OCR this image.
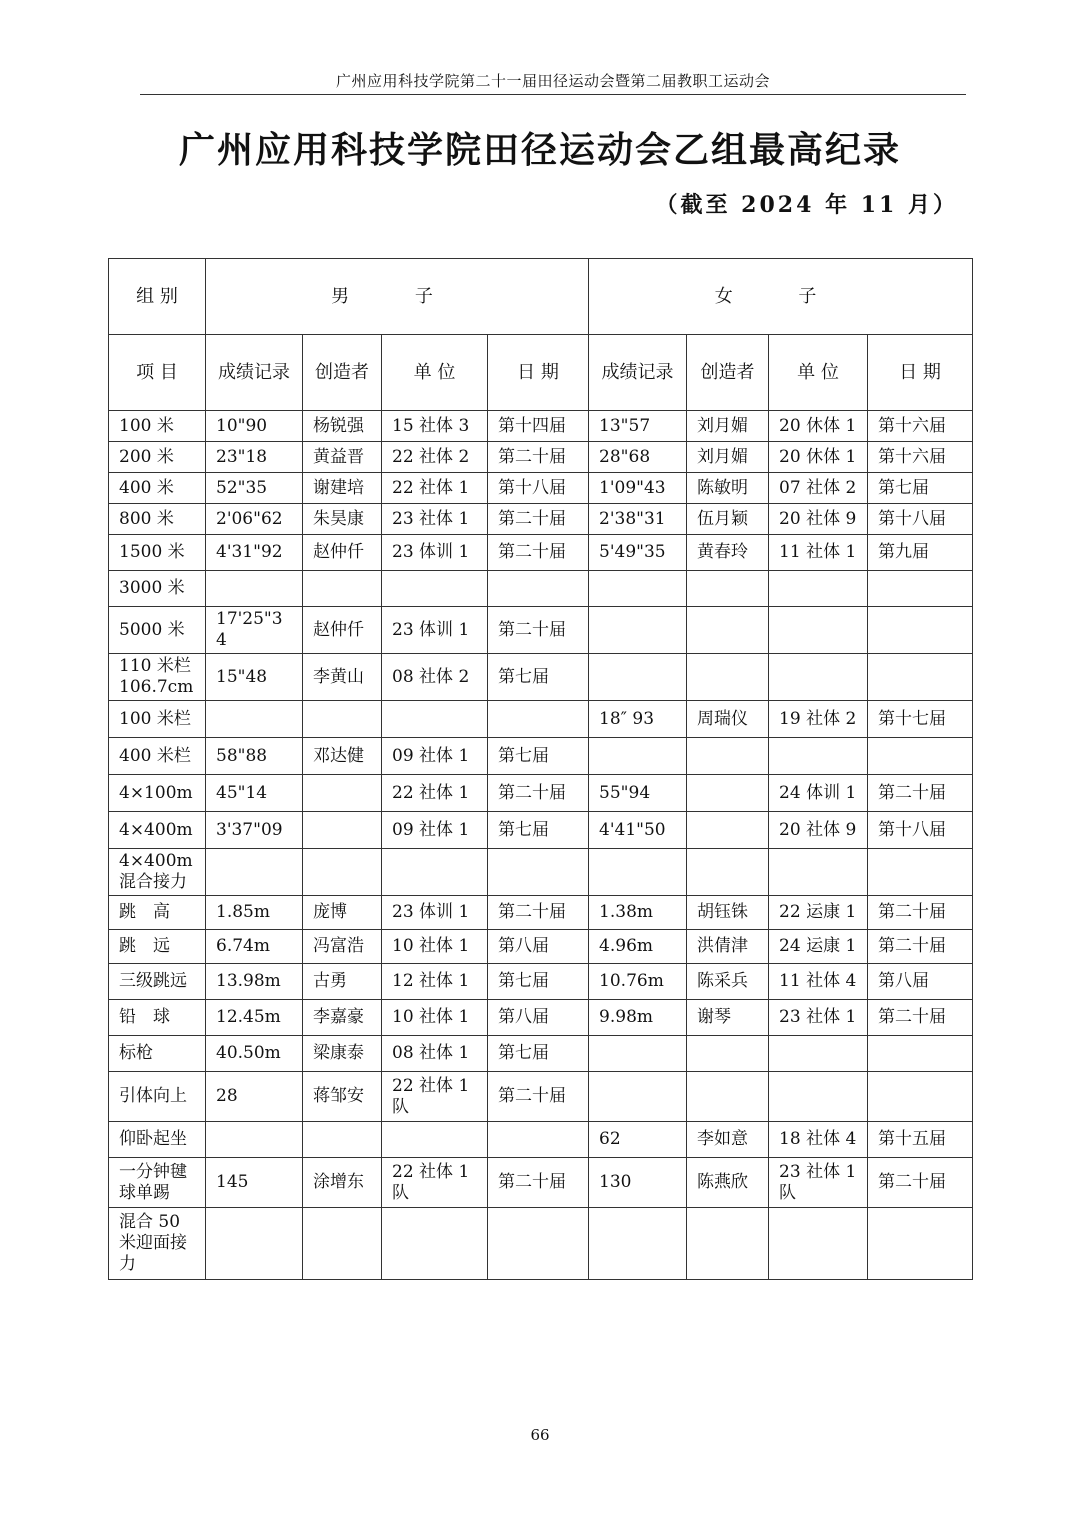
广州应用科技学院第二十一届田径运动会暨第二届教职工运动会
广州应用科技学院田径运动会乙组最高纪录
（截至 2024 年 11 月）
组 别	男 子				女 子			
项 目	成绩记录	创造者	单 位	日 期	成绩记录	创造者	单 位	日 期
100 米	10"90	杨锐强	15 社体 3	第十四届	13"57	刘月媚	20 休体 1	第十六届
200 米	23"18	黄益晋	22 社体 2	第二十届	28"68	刘月媚	20 休体 1	第十六届
400 米	52"35	谢建培	22 社体 1	第十八届	1'09"43	陈敏明	07 社体 2	第七届
800 米	2'06"62	朱昊康	23 社体 1	第二十届	2'38"31	伍月颖	20 社体 9	第十八届
1500 米	4'31"92	赵仲仟	23 体训 1	第二十届	5'49"35	黄春玲	11 社体 1	第九届
3000 米								
5000 米	17'25"34	赵仲仟	23 体训 1	第二十届				
110 米栏 106.7cm	15"48	李黄山	08 社体 2	第七届				
100 米栏					18″ 93	周瑞仪	19 社体 2	第十七届
400 米栏	58"88	邓达健	09 社体 1	第七届				
4×100m	45"14		22 社体 1	第二十届	55"94		24 体训 1	第二十届
4×400m	3'37"09		09 社体 1	第七届	4'41"50		20 社体 9	第十八届
4×400m 混合接力								
跳　高	1.85m	庞博	23 体训 1	第二十届	1.38m	胡钰铢	22 运康 1	第二十届
跳　远	6.74m	冯富浩	10 社体 1	第八届	4.96m	洪倩津	24 运康 1	第二十届
三级跳远	13.98m	古勇	12 社体 1	第七届	10.76m	陈采兵	11 社体 4	第八届
铅　球	12.45m	李嘉豪	10 社体 1	第八届	9.98m	谢琴	23 社体 1	第二十届
标枪	40.50m	梁康泰	08 社体 1	第七届				
引体向上	28	蒋邹安	22 社体 1 队	第二十届				
仰卧起坐					62	李如意	18 社体 4	第十五届
一分钟毽球单踢	145	涂增东	22 社体 1 队	第二十届	130	陈燕欣	23 社体 1 队	第二十届
混合 50 米迎面接力								
66
